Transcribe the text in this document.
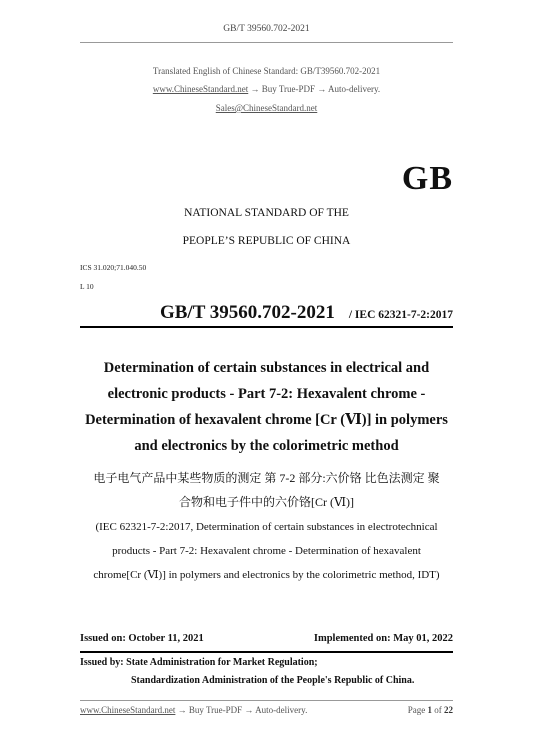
GB/T 39560.702-2021
Translated English of Chinese Standard: GB/T39560.702-2021
www.ChineseStandard.net → Buy True-PDF → Auto-delivery.
Sales@ChineseStandard.net
GB
NATIONAL STANDARD OF THE
PEOPLE’S REPUBLIC OF CHINA
ICS 31.020;71.040.50
L 10
GB/T 39560.702-2021 / IEC 62321-7-2:2017
Determination of certain substances in electrical and
electronic products - Part 7-2: Hexavalent chrome -
Determination of hexavalent chrome [Cr (Ⅵ)] in polymers
and electronics by the colorimetric method
电子电气产品中某些物质的测定 第 7-2 部分:六价铬 比色法测定 聚
合物和电子件中的六价铬[Cr (Ⅵ)]
(IEC 62321-7-2:2017, Determination of certain substances in electrotechnical
products - Part 7-2: Hexavalent chrome - Determination of hexavalent
chrome[Cr (Ⅵ)] in polymers and electronics by the colorimetric method, IDT)
Issued on: October 11, 2021	Implemented on: May 01, 2022
Issued by: State Administration for Market Regulation;
Standardization Administration of the People's Republic of China.
www.ChineseStandard.net → Buy True-PDF → Auto-delivery.	Page 1 of 22
